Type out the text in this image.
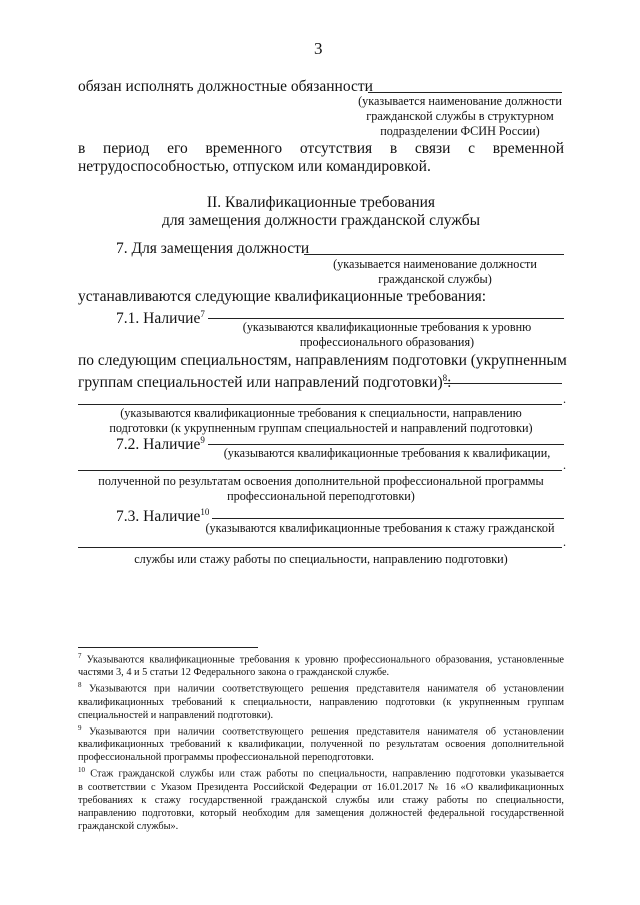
3
обязан исполнять должностные обязанности
(указывается наименование должности
гражданской службы в структурном
подразделении ФСИН России)
в период его временного отсутствия в связи с временной
нетрудоспособностью, отпуском или командировкой.
II. Квалификационные требования
для замещения должности гражданской службы
7. Для замещения должности
(указывается наименование должности
гражданской службы)
устанавливаются следующие квалификационные требования:
7.1. Наличие$^7$
(указываются квалификационные требования к уровню
профессионального образования)
по следующим специальностям, направлениям подготовки (укрупненным
группам специальностей или направлений подготовки)$^8$:
.
(указываются квалификационные требования к специальности, направлению
подготовки (к укрупненным группам специальностей и направлений подготовки)
7.2. Наличие$^9$
(указываются квалификационные требования к квалификации,
.
полученной по результатам освоения дополнительной профессиональной программы
профессиональной переподготовки)
7.3. Наличие$^{10}$
(указываются квалификационные требования к стажу гражданской
.
службы или стажу работы по специальности, направлению подготовки)
$^7$ Указываются квалификационные требования к уровню профессионального образования, установленные
частями 3, 4 и 5 статьи 12 Федерального закона о гражданской службе.
$^8$ Указываются при наличии соответствующего решения представителя нанимателя об установлении
квалификационных требований к специальности, направлению подготовки (к укрупненным группам
специальностей и направлений подготовки).
$^9$ Указываются при наличии соответствующего решения представителя нанимателя об установлении
квалификационных требований к квалификации, полученной по результатам освоения дополнительной
профессиональной программы профессиональной переподготовки.
$^{10}$ Стаж гражданской службы или стаж работы по специальности, направлению подготовки указывается
в соответствии с Указом Президента Российской Федерации от 16.01.2017 № 16 «О квалификационных
требованиях к стажу государственной гражданской службы или стажу работы по специальности,
направлению подготовки, который необходим для замещения должностей федеральной государственной
гражданской службы».
